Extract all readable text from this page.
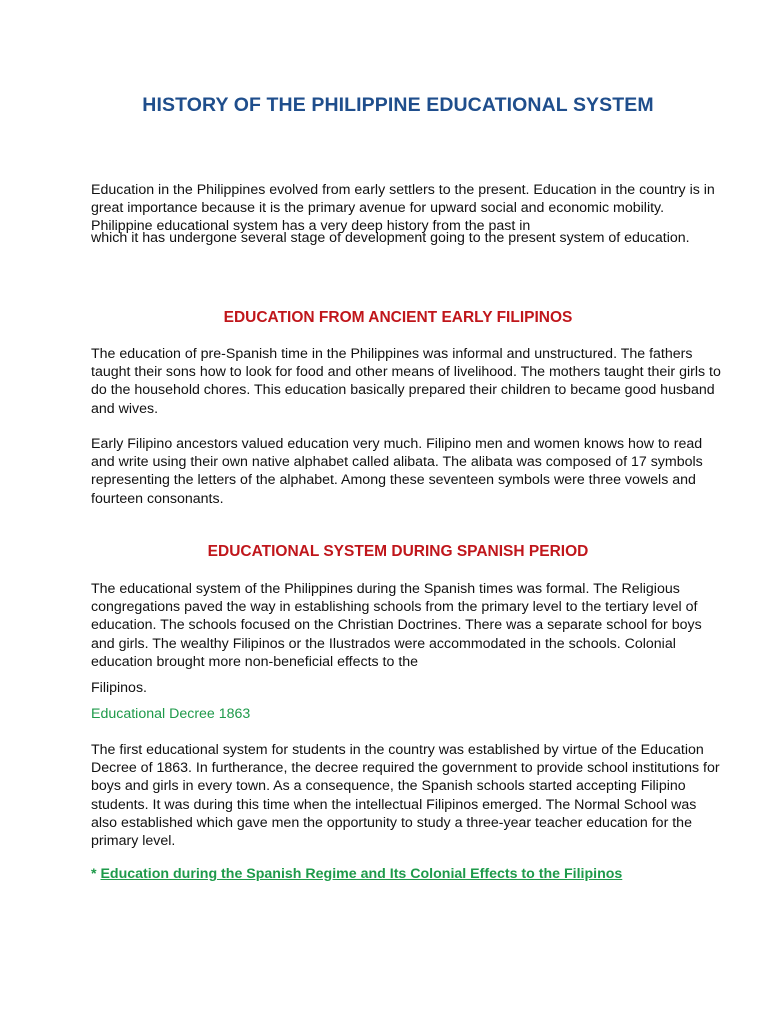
HISTORY OF THE PHILIPPINE EDUCATIONAL SYSTEM
Education in the Philippines evolved from early settlers to the present. Education in the country is in great importance because it is the primary avenue for upward social and economic mobility. Philippine educational system has a very deep history from the past in
which it has undergone several stage of development going to the present system of education.
EDUCATION FROM ANCIENT EARLY FILIPINOS

The education of pre-Spanish time in the Philippines was informal and unstructured. The fathers taught their sons how to look for food and other means of livelihood. The mothers taught their girls to do the household chores. This education basically prepared their children to became good husband and wives.

Early Filipino ancestors valued education very much. Filipino men and women knows how to read and write using their own native alphabet called alibata. The alibata was composed of 17 symbols representing the letters of the alphabet. Among these seventeen symbols were three vowels and fourteen consonants.

EDUCATIONAL SYSTEM DURING SPANISH PERIOD

The educational system of the Philippines during the Spanish times was formal. The Religious congregations paved the way in establishing schools from the primary level to the tertiary level of education. The schools focused on the Christian Doctrines. There was a separate school for boys and girls. The wealthy Filipinos or the Ilustrados were accommodated in the schools. Colonial education brought more non-beneficial effects to the

Filipinos.

Educational Decree 1863

The first educational system for students in the country was established by virtue of the Education Decree of 1863. In furtherance, the decree required the government to provide school institutions for boys and girls in every town. As a consequence, the Spanish schools started accepting Filipino students. It was during this time when the intellectual Filipinos emerged. The Normal School was also established which gave men the opportunity to study a three-year teacher education for the primary level.

* Education during the Spanish Regime and Its Colonial Effects to the Filipinos
